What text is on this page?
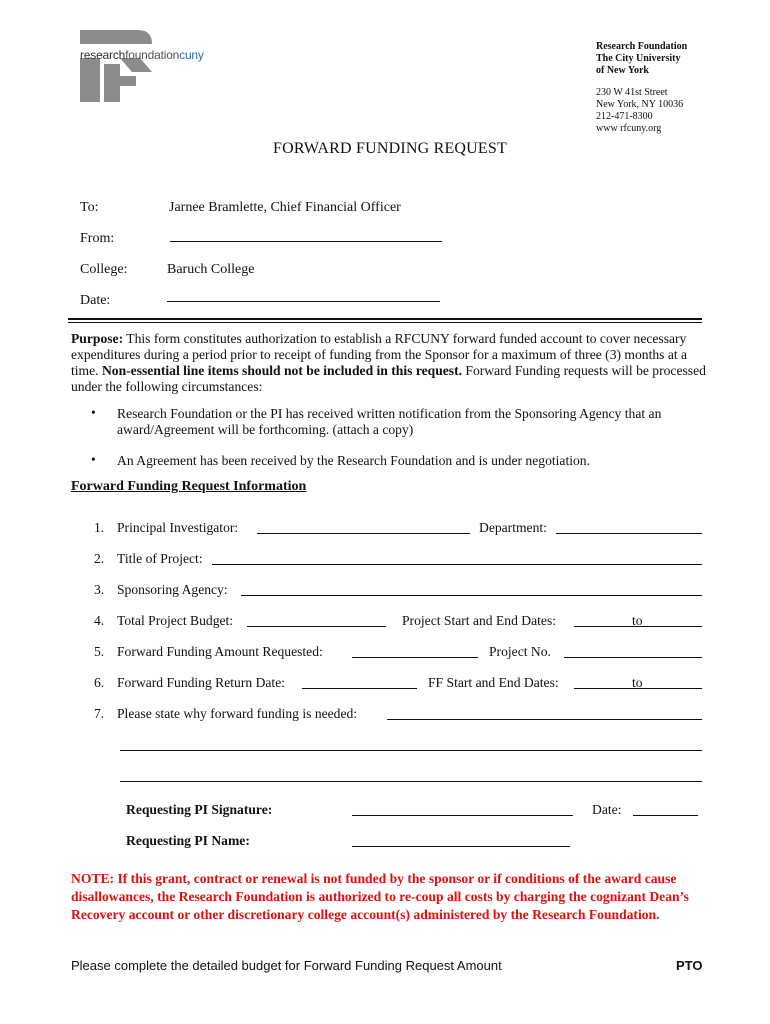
researchfoundationcuny
Research Foundation
The City University
of New York
230 W 41st Street
New York, NY 10036
212-471-8300
www rfcuny.org
FORWARD FUNDING REQUEST
To:	Jarnee Bramlette, Chief Financial Officer
From:
College:	Baruch College
Date:
Purpose: This form constitutes authorization to establish a RFCUNY forward funded account to cover necessary expenditures during a period prior to receipt of funding from the Sponsor for a maximum of three (3) months at a time. Non-essential line items should not be included in this request. Forward Funding requests will be processed under the following circumstances:
• Research Foundation or the PI has received written notification from the Sponsoring Agency that an award/Agreement will be forthcoming. (attach a copy)
• An Agreement has been received by the Research Foundation and is under negotiation.
Forward Funding Request Information
1. Principal Investigator:	Department:
2. Title of Project:
3. Sponsoring Agency:
4. Total Project Budget:	Project Start and End Dates:	to
5. Forward Funding Amount Requested:	Project No.
6. Forward Funding Return Date:	FF Start and End Dates:	to
7. Please state why forward funding is needed:
Requesting PI Signature:	Date:
Requesting PI Name:
NOTE: If this grant, contract or renewal is not funded by the sponsor or if conditions of the award cause disallowances, the Research Foundation is authorized to re-coup all costs by charging the cognizant Dean’s Recovery account or other discretionary college account(s) administered by the Research Foundation.
Please complete the detailed budget for Forward Funding Request Amount	PTO
